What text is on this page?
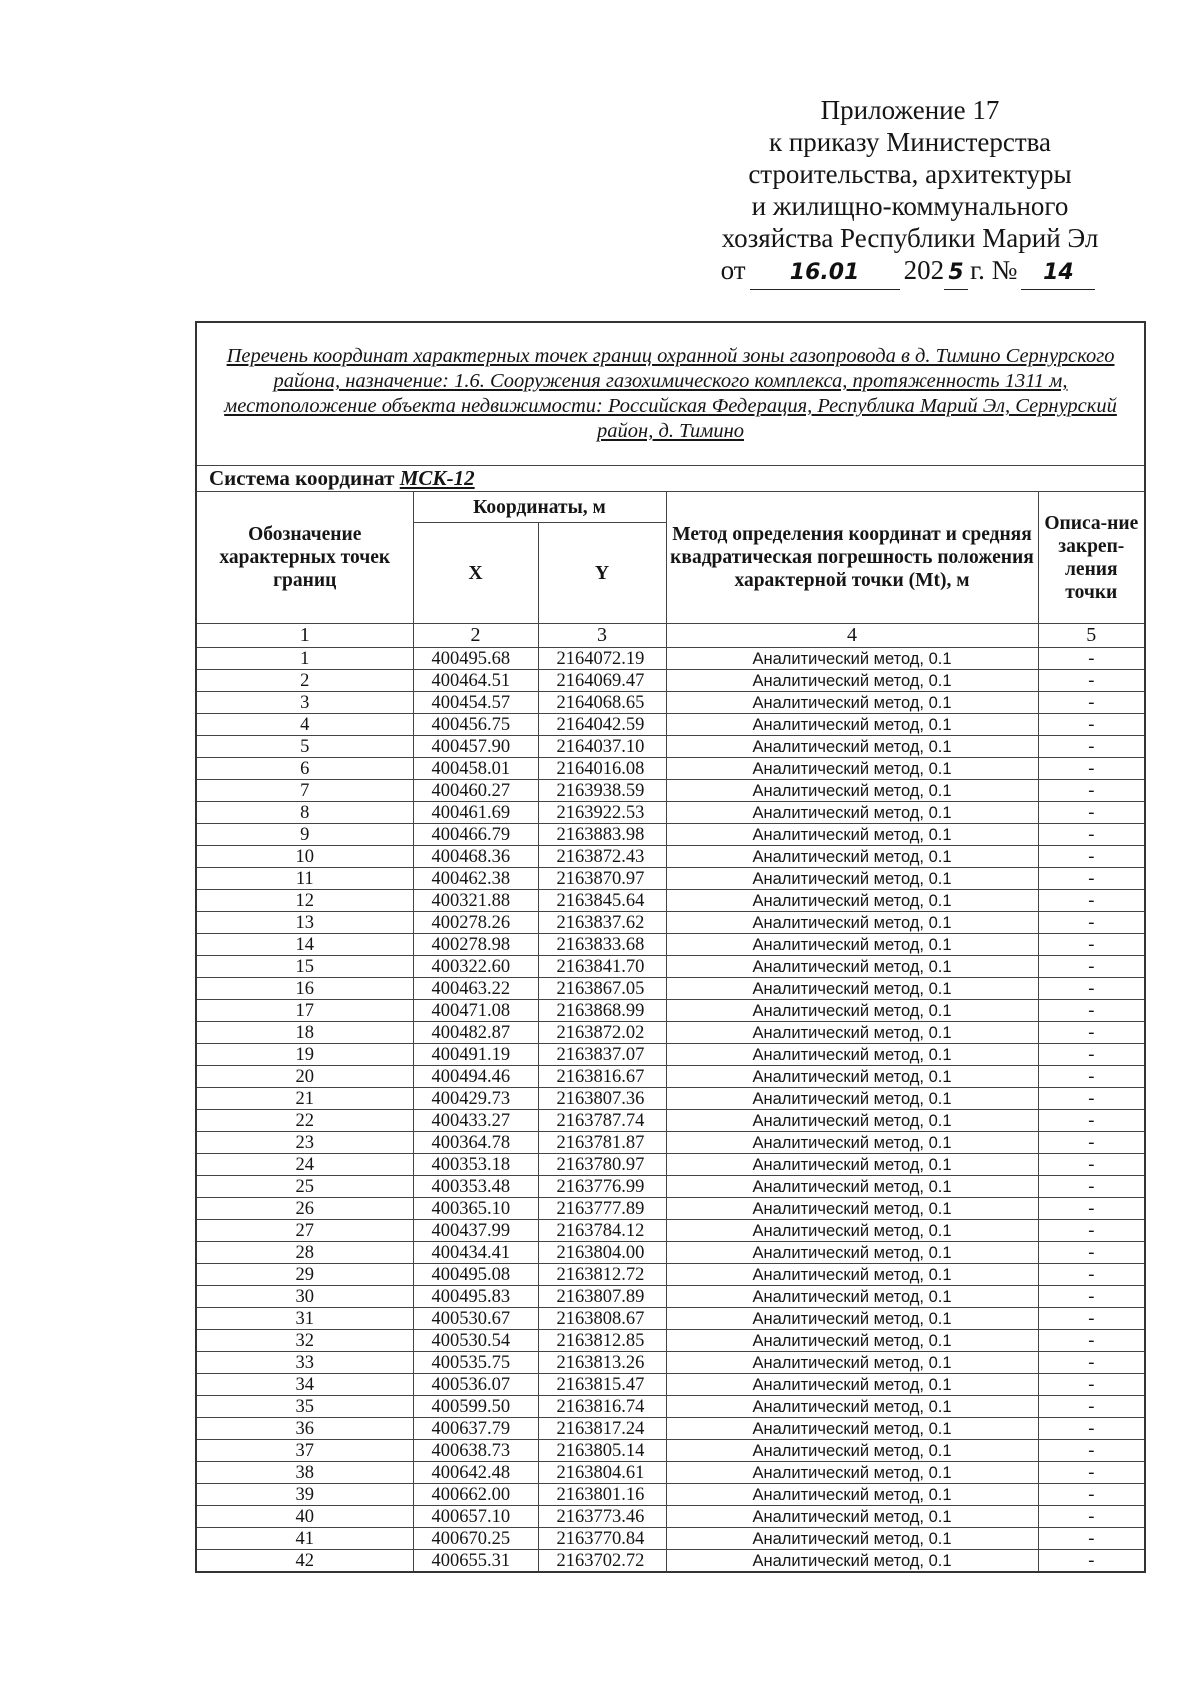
Приложение 17
к приказу Министерства
строительства, архитектуры
и жилищно-коммунального
хозяйства Республики Марий Эл
от	16.01	202 5 г. №	14
Перечень координат характерных точек границ охранной зоны газопровода в д. Тимино Сернурского района, назначение: 1.6. Сооружения газохимического комплекса, протяженность 1311 м, местоположение объекта недвижимости: Российская Федерация, Республика Марий Эл, Сернурский район, д. Тимино				
Система координат МСК-12				
Обозначение характерных точек границ	Координаты, м		Метод определения координат и средняя квадратическая погрешность положения характерной точки (Mt), м	Описа-ние закреп-ления точки
	X	Y		
1	2	3	4	5
1	400495.68	2164072.19	Аналитический метод, 0.1	-
2	400464.51	2164069.47	Аналитический метод, 0.1	-
3	400454.57	2164068.65	Аналитический метод, 0.1	-
4	400456.75	2164042.59	Аналитический метод, 0.1	-
5	400457.90	2164037.10	Аналитический метод, 0.1	-
6	400458.01	2164016.08	Аналитический метод, 0.1	-
7	400460.27	2163938.59	Аналитический метод, 0.1	-
8	400461.69	2163922.53	Аналитический метод, 0.1	-
9	400466.79	2163883.98	Аналитический метод, 0.1	-
10	400468.36	2163872.43	Аналитический метод, 0.1	-
11	400462.38	2163870.97	Аналитический метод, 0.1	-
12	400321.88	2163845.64	Аналитический метод, 0.1	-
13	400278.26	2163837.62	Аналитический метод, 0.1	-
14	400278.98	2163833.68	Аналитический метод, 0.1	-
15	400322.60	2163841.70	Аналитический метод, 0.1	-
16	400463.22	2163867.05	Аналитический метод, 0.1	-
17	400471.08	2163868.99	Аналитический метод, 0.1	-
18	400482.87	2163872.02	Аналитический метод, 0.1	-
19	400491.19	2163837.07	Аналитический метод, 0.1	-
20	400494.46	2163816.67	Аналитический метод, 0.1	-
21	400429.73	2163807.36	Аналитический метод, 0.1	-
22	400433.27	2163787.74	Аналитический метод, 0.1	-
23	400364.78	2163781.87	Аналитический метод, 0.1	-
24	400353.18	2163780.97	Аналитический метод, 0.1	-
25	400353.48	2163776.99	Аналитический метод, 0.1	-
26	400365.10	2163777.89	Аналитический метод, 0.1	-
27	400437.99	2163784.12	Аналитический метод, 0.1	-
28	400434.41	2163804.00	Аналитический метод, 0.1	-
29	400495.08	2163812.72	Аналитический метод, 0.1	-
30	400495.83	2163807.89	Аналитический метод, 0.1	-
31	400530.67	2163808.67	Аналитический метод, 0.1	-
32	400530.54	2163812.85	Аналитический метод, 0.1	-
33	400535.75	2163813.26	Аналитический метод, 0.1	-
34	400536.07	2163815.47	Аналитический метод, 0.1	-
35	400599.50	2163816.74	Аналитический метод, 0.1	-
36	400637.79	2163817.24	Аналитический метод, 0.1	-
37	400638.73	2163805.14	Аналитический метод, 0.1	-
38	400642.48	2163804.61	Аналитический метод, 0.1	-
39	400662.00	2163801.16	Аналитический метод, 0.1	-
40	400657.10	2163773.46	Аналитический метод, 0.1	-
41	400670.25	2163770.84	Аналитический метод, 0.1	-
42	400655.31	2163702.72	Аналитический метод, 0.1	-
